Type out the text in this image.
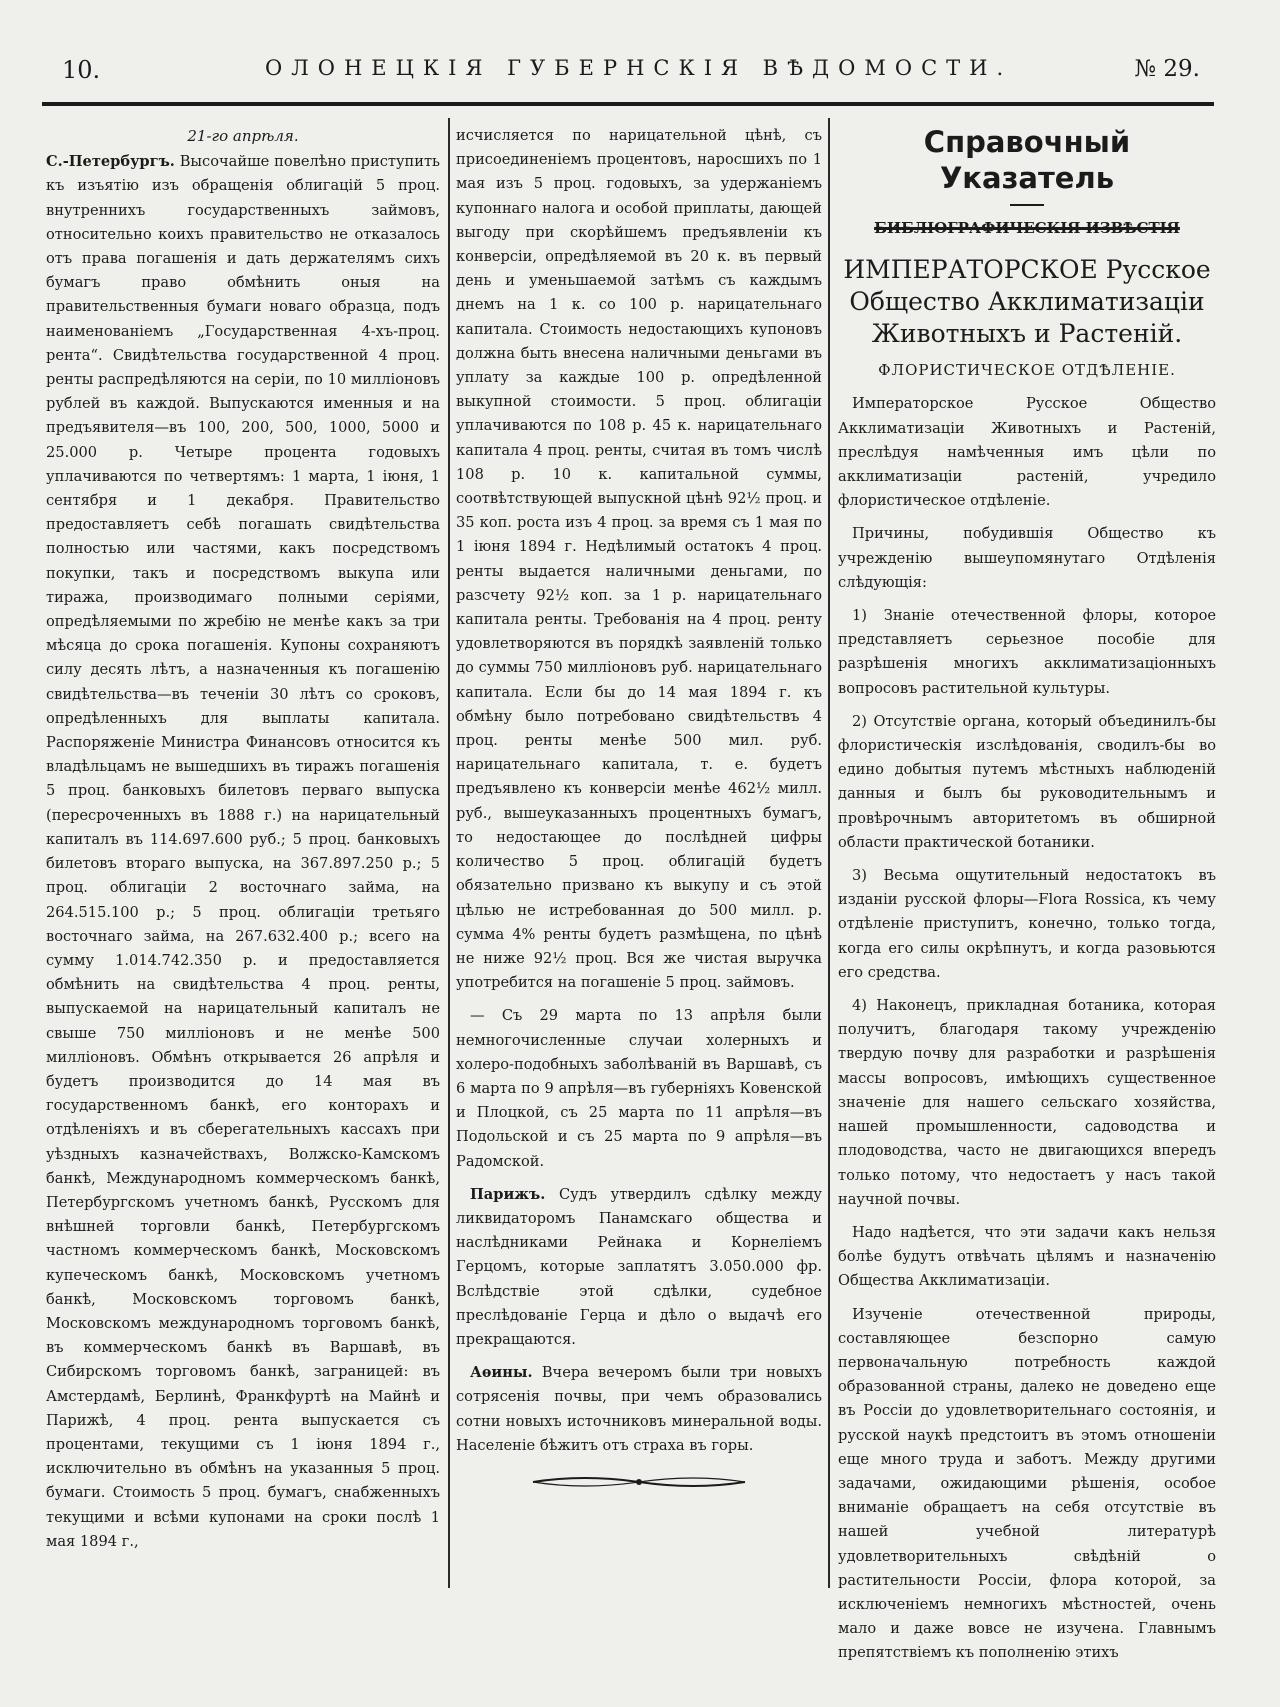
10.	ОЛОНЕЦКІЯ ГУБЕРНСКІЯ ВѢДОМОСТИ.	№ 29.
21-го апрѣля.

С.-Петербургъ. Высочайше повелѣно приступить къ изъятію изъ обращенія облигацій 5 проц. внутреннихъ государственныхъ займовъ, относительно коихъ правительство не отказалось отъ права погашенія и дать держателямъ сихъ бумагъ право обмѣнить оныя на правительственныя бумаги новаго образца, подъ наименованіемъ „Государственная 4-хъ-проц. рента“. Свидѣтельства государственной 4 проц. ренты распредѣляются на серіи, по 10 милліоновъ рублей въ каждой. Выпускаются именныя и на предъявителя—въ 100, 200, 500, 1000, 5000 и 25.000 р. Четыре процента годовыхъ уплачиваются по четвертямъ: 1 марта, 1 іюня, 1 сентября и 1 декабря. Правительство предоставляетъ себѣ погашать свидѣтельства полностью или частями, какъ посредствомъ покупки, такъ и посредствомъ выкупа или тиража, производимаго полными серіями, опредѣляемыми по жребію не менѣе какъ за три мѣсяца до срока погашенія. Купоны сохраняютъ силу десять лѣтъ, а назначенныя къ погашенію свидѣтельства—въ теченіи 30 лѣтъ со сроковъ, опредѣленныхъ для выплаты капитала. Распоряженіе Министра Финансовъ относится къ владѣльцамъ не вышедшихъ въ тиражъ погашенія 5 проц. банковыхъ билетовъ перваго выпуска (пересроченныхъ въ 1888 г.) на нарицательный капиталъ въ 114.697.600 руб.; 5 проц. банковыхъ билетовъ втораго выпуска, на 367.897.250 р.; 5 проц. облигаціи 2 восточнаго займа, на 264.515.100 р.; 5 проц. облигаціи третьяго восточнаго займа, на 267.632.400 р.; всего на сумму 1.014.742.350 р. и предоставляется обмѣнить на свидѣтельства 4 проц. ренты, выпускаемой на нарицательный капиталъ не свыше 750 милліоновъ и не менѣе 500 милліоновъ. Обмѣнъ открывается 26 апрѣля и будетъ производится до 14 мая въ государственномъ банкѣ, его конторахъ и отдѣленіяхъ и въ сберегательныхъ кассахъ при уѣздныхъ казначействахъ, Волжско-Камскомъ банкѣ, Международномъ коммерческомъ банкѣ, Петербургскомъ учетномъ банкѣ, Русскомъ для внѣшней торговли банкѣ, Петербургскомъ частномъ коммерческомъ банкѣ, Московскомъ купеческомъ банкѣ, Московскомъ учетномъ банкѣ, Московскомъ торговомъ банкѣ, Московскомъ международномъ торговомъ банкѣ, въ коммерческомъ банкѣ въ Варшавѣ, въ Сибирскомъ торговомъ банкѣ, заграницей: въ Амстердамѣ, Берлинѣ, Франкфуртѣ на Майнѣ и Парижѣ, 4 проц. рента выпускается съ процентами, текущими съ 1 іюня 1894 г., исключительно въ обмѣнъ на указанныя 5 проц. бумаги. Стоимость 5 проц. бумагъ, снабженныхъ текущими и всѣми купонами на сроки послѣ 1 мая 1894 г.,

исчисляется по нарицательной цѣнѣ, съ присоединеніемъ процентовъ, наросшихъ по 1 мая изъ 5 проц. годовыхъ, за удержаніемъ купоннаго налога и особой приплаты, дающей выгоду при скорѣйшемъ предъявленіи къ конверсіи, опредѣляемой въ 20 к. въ первый день и уменьшаемой затѣмъ съ каждымъ днемъ на 1 к. со 100 р. нарицательнаго капитала. Стоимость недостающихъ купоновъ должна быть внесена наличными деньгами въ уплату за каждые 100 р. опредѣленной выкупной стоимости. 5 проц. облигаціи уплачиваются по 108 р. 45 к. нарицательнаго капитала 4 проц. ренты, считая въ томъ числѣ 108 р. 10 к. капитальной суммы, соотвѣтствующей выпускной цѣнѣ 92½ проц. и 35 коп. роста изъ 4 проц. за время съ 1 мая по 1 іюня 1894 г. Недѣлимый остатокъ 4 проц. ренты выдается наличными деньгами, по разсчету 92½ коп. за 1 р. нарицательнаго капитала ренты. Требованія на 4 проц. ренту удовлетворяются въ порядкѣ заявленій только до суммы 750 милліоновъ руб. нарицательнаго капитала. Если бы до 14 мая 1894 г. къ обмѣну было потребовано свидѣтельствъ 4 проц. ренты менѣе 500 мил. руб. нарицательнаго капитала, т. е. будетъ предъявлено къ конверсіи менѣе 462½ милл. руб., вышеуказанныхъ процентныхъ бумагъ, то недостающее до послѣдней цифры количество 5 проц. облигацій будетъ обязательно призвано къ выкупу и съ этой цѣлью не истребованная до 500 милл. р. сумма 4% ренты будетъ размѣщена, по цѣнѣ не ниже 92½ проц. Вся же чистая выручка употребится на погашеніе 5 проц. займовъ.

— Съ 29 марта по 13 апрѣля были немногочисленные случаи холерныхъ и холеро-подобныхъ заболѣваній въ Варшавѣ, съ 6 марта по 9 апрѣля—въ губерніяхъ Ковенской и Плоцкой, съ 25 марта по 11 апрѣля—въ Подольской и съ 25 марта по 9 апрѣля—въ Радомской.

Парижъ. Судъ утвердилъ сдѣлку между ликвидаторомъ Панамскаго общества и наслѣдниками Рейнака и Корнеліемъ Герцомъ, которые заплатятъ 3.050.000 фр. Вслѣдствіе этой сдѣлки, судебное преслѣдованіе Герца и дѣло о выдачѣ его прекращаются.

Аѳины. Вчера вечеромъ были три новыхъ сотрясенія почвы, при чемъ образовались сотни новыхъ источниковъ минеральной воды. Населеніе бѣжитъ отъ страха въ горы.

Справочный Указатель
БИБЛІОГРАФИЧЕСКІЯ ИЗВѢСТІЯ
ИМПЕРАТОРСКОЕ Русское Общество Акклиматизаціи Животныхъ и Растеній.
ФЛОРИСТИЧЕСКОЕ ОТДѢЛЕНІЕ.

Императорское Русское Общество Акклиматизаціи Животныхъ и Растеній, преслѣдуя намѣченныя имъ цѣли по акклиматизаціи растеній, учредило флористическое отдѣленіе.

Причины, побудившія Общество къ учрежденію вышеупомянутаго Отдѣленія слѣдующія:

1) Знаніе отечественной флоры, которое представляетъ серьезное пособіе для разрѣшенія многихъ акклиматизаціонныхъ вопросовъ растительной культуры.

2) Отсутствіе органа, который объединилъ-бы флористическія изслѣдованія, сводилъ-бы во едино добытыя путемъ мѣстныхъ наблюденій данныя и былъ бы руководительнымъ и провѣрочнымъ авторитетомъ въ обширной области практической ботаники.

3) Весьма ощутительный недостатокъ въ изданіи русской флоры—Flora Rossica, къ чему отдѣленіе приступитъ, конечно, только тогда, когда его силы окрѣпнутъ, и когда разовьются его средства.

4) Наконецъ, прикладная ботаника, которая получитъ, благодаря такому учрежденію твердую почву для разработки и разрѣшенія массы вопросовъ, имѣющихъ существенное значеніе для нашего сельскаго хозяйства, нашей промышленности, садоводства и плодоводства, часто не двигающихся впередъ только потому, что недостаетъ у насъ такой научной почвы.

Надо надѣется, что эти задачи какъ нельзя болѣе будутъ отвѣчать цѣлямъ и назначенію Общества Акклиматизаціи.

Изученіе отечественной природы, составляющее безспорно самую первоначальную потребность каждой образованной страны, далеко не доведено еще въ Россіи до удовлетворительнаго состоянія, и русской наукѣ предстоитъ въ этомъ отношеніи еще много труда и заботъ. Между другими задачами, ожидающими рѣшенія, особое вниманіе обращаетъ на себя отсутствіе въ нашей учебной литературѣ удовлетворительныхъ свѣдѣній о растительности Россіи, флора которой, за исключеніемъ немногихъ мѣстностей, очень мало и даже вовсе не изучена. Главнымъ препятствіемъ къ пополненію этихъ
